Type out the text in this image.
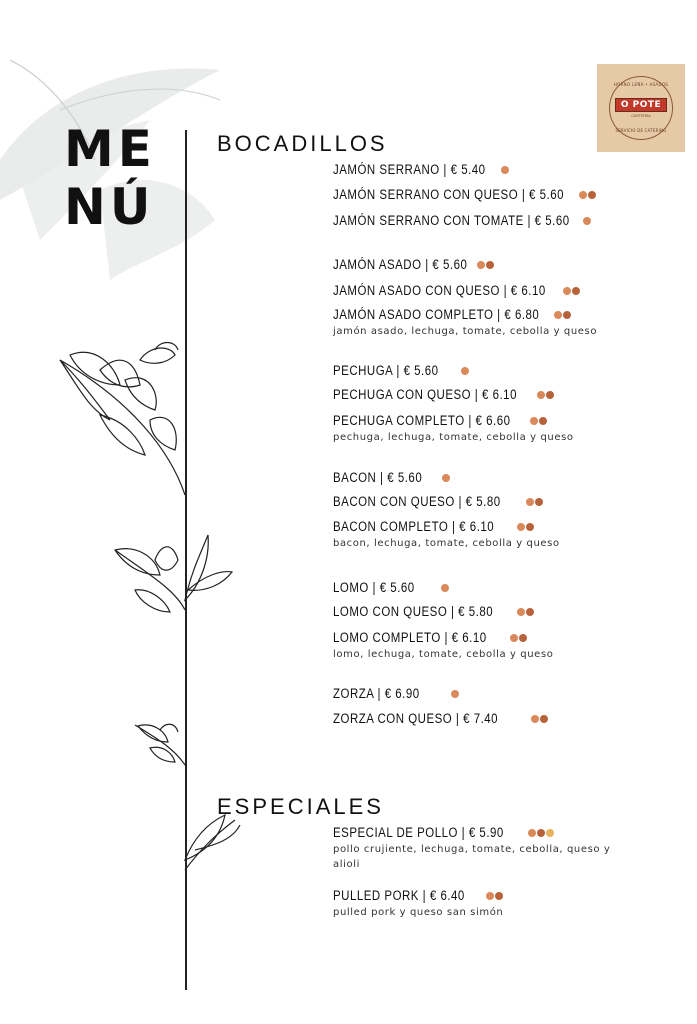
HORNO LEÑA • ASADOS
O POTE
CAFETERÍA
SERVICIO DE CATERING
ME
NÚ
BOCADILLOS
ESPECIALES
JAMÓN SERRANO | € 5.40
JAMÓN SERRANO CON QUESO | € 5.60
JAMÓN SERRANO CON TOMATE | € 5.60
JAMÓN ASADO | € 5.60
JAMÓN ASADO CON QUESO | € 6.10
JAMÓN ASADO COMPLETO | € 6.80
jamón asado, lechuga, tomate, cebolla y queso
PECHUGA | € 5.60
PECHUGA CON QUESO | € 6.10
PECHUGA COMPLETO | € 6.60
pechuga, lechuga, tomate, cebolla y queso
BACON | € 5.60
BACON CON QUESO | € 5.80
BACON COMPLETO | € 6.10
bacon, lechuga, tomate, cebolla y queso
LOMO | € 5.60
LOMO CON QUESO | € 5.80
LOMO COMPLETO | € 6.10
lomo, lechuga, tomate, cebolla y queso
ZORZA | € 6.90
ZORZA CON QUESO | € 7.40
ESPECIAL DE POLLO | € 5.90
pollo crujiente, lechuga, tomate, cebolla, queso y alioli
PULLED PORK | € 6.40
pulled pork y queso san simón
